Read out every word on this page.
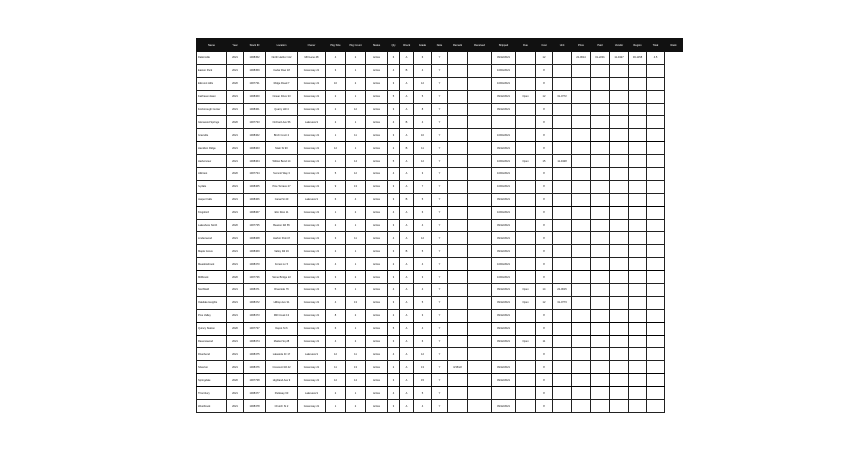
Name	Year	Stock ID	Location	Owner	Pkg Size	Pkg Count	Status	Qty	Check	Grade	Note	Remark	Received	Shipped	Due	Cost	Unit	Price	Paid	Vendor	Region	Total	Rank
Daltonville	2021	1008452	North Harbor 112	Mill Lane 48	4	2	Active	6	A	6	Y			09/12/2021		12		22-0614	01-2231	11-0427	03-1158	4.5	
Easton Park	2021	1008459	Cedar Row 18	Greenway 21	3	1	Active	4	B	4	Y			10/04/2021		8							
Elkmont Hills	2020	1007731	Ridge Road 7	Greenway 21	10	2	Active	3	A	12	Y			10/04/2021		8							
Fairhaven East	2021	1008460	Ocean Drive 33	Greenway 21	2	1	Active	5	A	5	Y			09/12/2021	Open	12	31-0772						
Foxborough Center	2021	1008461	Quarry Hill 4	Greenway 21	2	12	Active	3	A	8	Y			09/12/2021		8							
Glenwood Springs	2020	1007733	Orchard Ave 56	Lakeview 9	2	1	Active	4	B	4	Y					8							
Granville	2021	1008462	Birch Court 2	Greenway 21	1	11	Active	3	A	10	Y			10/04/2021		8							
Hamilton Ridge	2021	1008463	Main St 90	Greenway 21	12	1	Active	2	B	11	Y			09/12/2021		8							
Harborview	2021	1008464	Willow Bend 14	Greenway 21	1	14	Active	5	A	12	Y			10/04/2021	Open	15	11-0428						
Hillcrest	2020	1007734	Summit Way 3	Greenway 21	5	12	Active	4	A	3	Y			10/04/2021		8							
Ivydale	2021	1008465	Pine Terrace 27	Greenway 21	9	13	Active	3	A	7	Y			10/04/2021		8							
Jasper Falls	2021	1008466	Canal St 40	Lakeview 9	6	4	Active	3	B	5	Y			09/12/2021		8							
Kingsford	2021	1008467	Elm Row 11	Greenway 21	1	2	Active	4	A	6	Y			10/04/2021		8							
Lakeshore North	2020	1007735	Beacon Rd 65	Greenway 21	2	1	Active	3	A	4	Y			09/12/2021		8							
Lindenwood	2021	1008468	Harbor Point 8	Greenway 21	3	11	Active	4	A	12	Y			09/12/2021		8							
Maple Grove	2021	1008469	Valley Rd 19	Greenway 21	2	1	Active	3	B	5	Y			09/12/2021		8							
Meadowbrook	2021	1008470	Forest Ln 5	Greenway 21	4	1	Active	2	A	4	Y			10/04/2021		8							
Millbrook	2020	1007736	Stone Bridge 22	Greenway 21	3	2	Active	3	A	3	Y			10/04/2021		8							
Northfield	2021	1008471	Riverside 76	Greenway 21	5	1	Active	4	A	4	Y			09/12/2021	Open	14	22-0615						
Oakdale Heights	2021	1008472	Hilltop Ave 31	Greenway 21	4	13	Active	3	A	5	Y			09/12/2021	Open	12	31-0773						
Pine Valley	2021	1008473	Mill Creek 13	Greenway 21	8	2	Active	2	A	3	Y			09/12/2021		8							
Quincy Station	2020	1007737	Depot St 6	Greenway 21	6	1	Active	5	A	4	Y			09/12/2021		8							
Ravenswood	2021	1008474	Market Sq 28	Greenway 21	4	2	Active	3	A	6	Y			09/12/2021	Open	11							
Riverbend	2021	1008475	Lakeside Dr 17	Lakeview 9	12	11	Active	4	A	12	Y					8							
Silverton	2021	1008476	Crescent Rd 42	Greenway 21	11	13	Active	2	A	13	Y	3/15/22		09/12/2021		8							
Springdale	2020	1007738	Highland Ave 9	Greenway 21	12	14	Active	3	A	15	Y			09/12/2021		8							
Thornbury	2021	1008477	Parkway 63	Lakeview 9	2	1	Active	4	A	5	Y					8							
Westbrook	2021	1008478	Church St 2	Greenway 21	1	2	Active	3	A	4	Y			09/12/2021		8							
